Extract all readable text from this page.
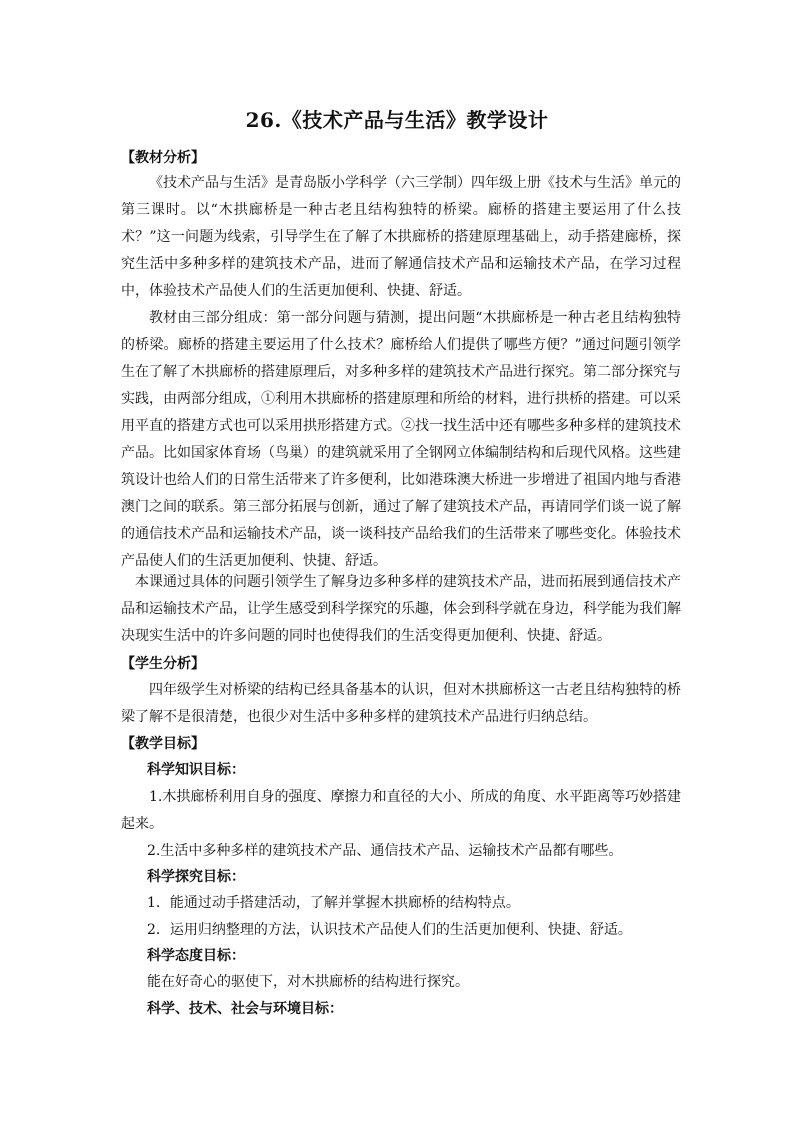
26.《技术产品与生活》教学设计
【教材分析】
《技术产品与生活》是青岛版小学科学（六三学制）四年级上册《技术与生活》单元的第三课时。以“木拱廊桥是一种古老且结构独特的桥梁。廊桥的搭建主要运用了什么技术？”这一问题为线索，引导学生在了解了木拱廊桥的搭建原理基础上，动手搭建廊桥，探究生活中多种多样的建筑技术产品，进而了解通信技术产品和运输技术产品，在学习过程中，体验技术产品使人们的生活更加便利、快捷、舒适。
教材由三部分组成：第一部分问题与猜测，提出问题“木拱廊桥是一种古老且结构独特的桥梁。廊桥的搭建主要运用了什么技术？廊桥给人们提供了哪些方便？”通过问题引领学生在了解了木拱廊桥的搭建原理后，对多种多样的建筑技术产品进行探究。第二部分探究与实践，由两部分组成，①利用木拱廊桥的搭建原理和所给的材料，进行拱桥的搭建。可以采用平直的搭建方式也可以采用拱形搭建方式。②找一找生活中还有哪些多种多样的建筑技术产品。比如国家体育场（鸟巢）的建筑就采用了全钢网立体编制结构和后现代风格。这些建筑设计也给人们的日常生活带来了许多便利，比如港珠澳大桥进一步增进了祖国内地与香港澳门之间的联系。第三部分拓展与创新，通过了解了建筑技术产品，再请同学们谈一说了解的通信技术产品和运输技术产品，谈一谈科技产品给我们的生活带来了哪些变化。体验技术产品使人们的生活更加便利、快捷、舒适。
本课通过具体的问题引领学生了解身边多种多样的建筑技术产品，进而拓展到通信技术产品和运输技术产品，让学生感受到科学探究的乐趣，体会到科学就在身边，科学能为我们解决现实生活中的许多问题的同时也使得我们的生活变得更加便利、快捷、舒适。
【学生分析】
四年级学生对桥梁的结构已经具备基本的认识，但对木拱廊桥这一古老且结构独特的桥梁了解不是很清楚，也很少对生活中多种多样的建筑技术产品进行归纳总结。
【教学目标】
科学知识目标：
1.木拱廊桥利用自身的强度、摩擦力和直径的大小、所成的角度、水平距离等巧妙搭建起来。
2.生活中多种多样的建筑技术产品、通信技术产品、运输技术产品都有哪些。
科学探究目标：
1．能通过动手搭建活动，了解并掌握木拱廊桥的结构特点。
2．运用归纳整理的方法，认识技术产品使人们的生活更加便利、快捷、舒适。
科学态度目标：
能在好奇心的驱使下，对木拱廊桥的结构进行探究。
科学、技术、社会与环境目标：
